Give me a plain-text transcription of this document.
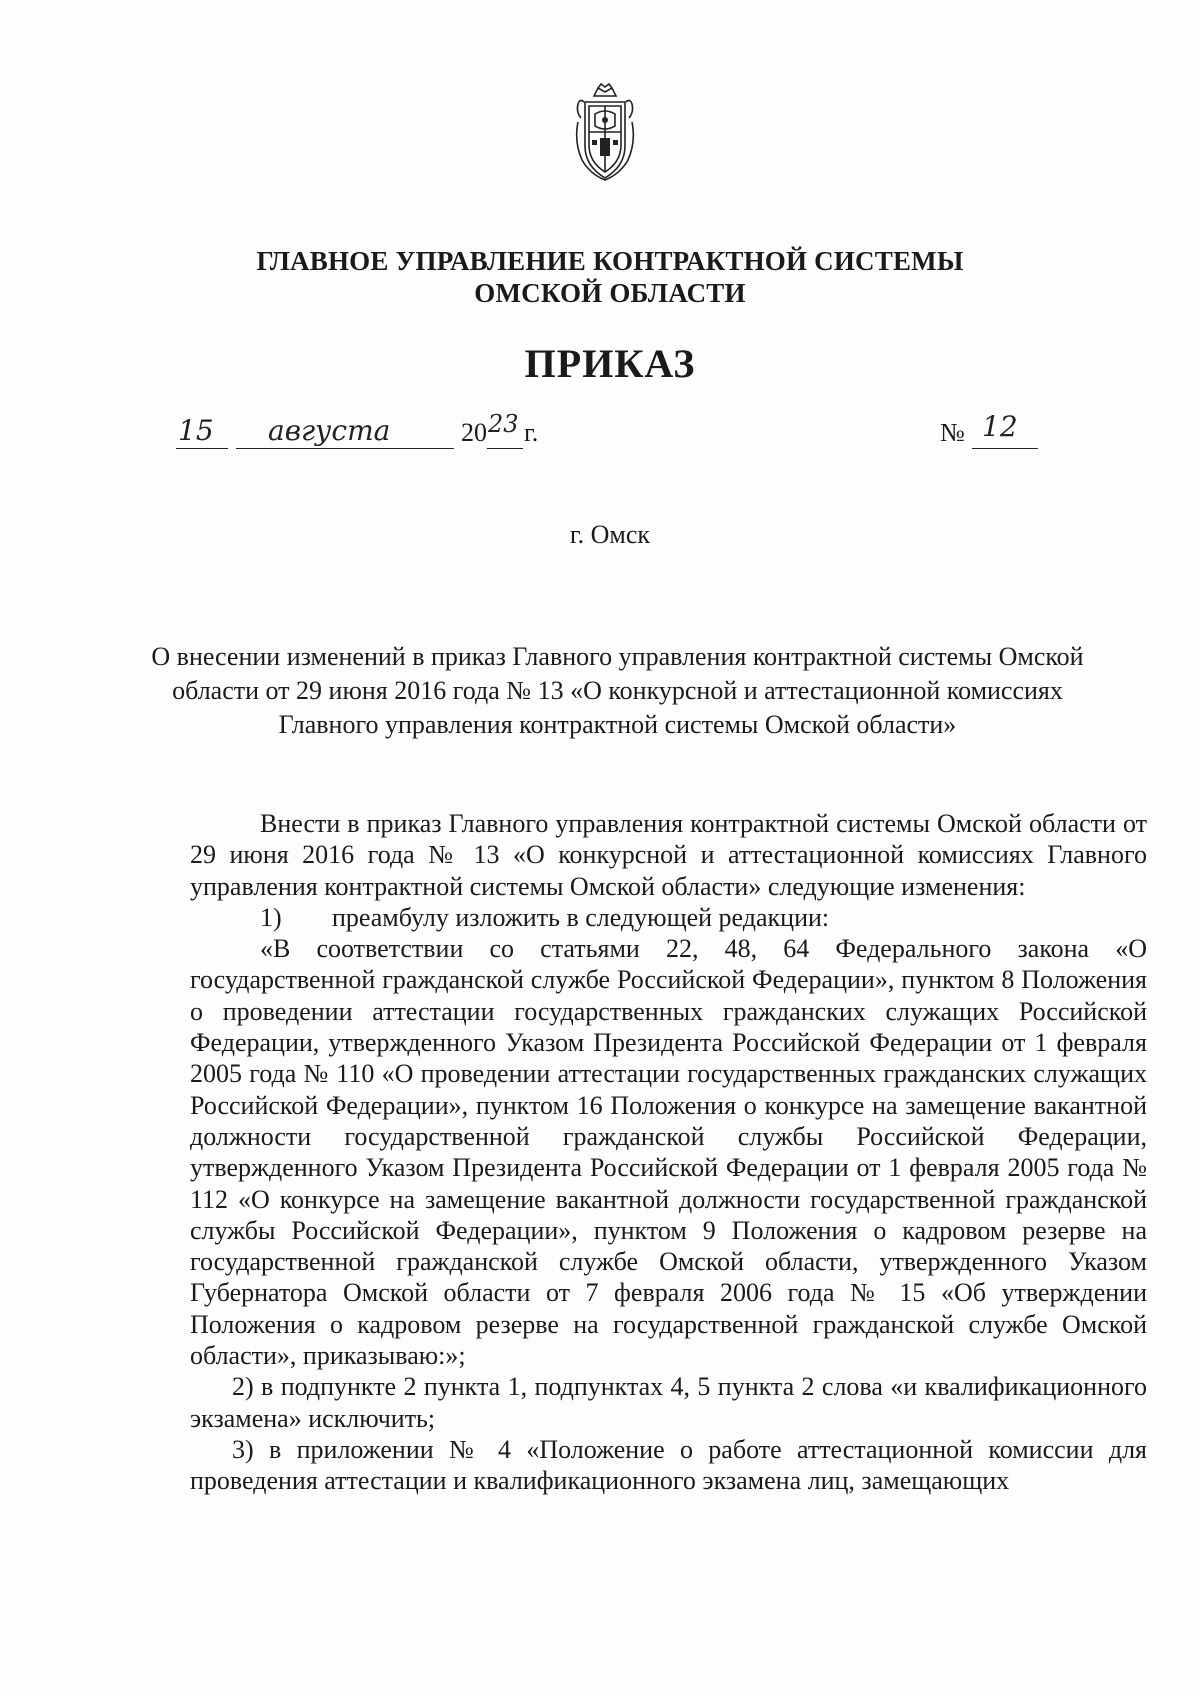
ГЛАВНОЕ УПРАВЛЕНИЕ КОНТРАКТНОЙ СИСТЕМЫ
ОМСКОЙ ОБЛАСТИ
ПРИКАЗ
15 августа	20 23 г.	№ 12
г. Омск
О внесении изменений в приказ Главного управления контрактной системы Омской области от 29 июня 2016 года № 13 «О конкурсной и аттестационной комиссиях Главного управления контрактной системы Омской области»

Внести в приказ Главного управления контрактной системы Омской области от 29 июня 2016 года № 13 «О конкурсной и аттестационной комиссиях Главного управления контрактной системы Омской области» следующие изменения:

1) преамбулу изложить в следующей редакции:

«В соответствии со статьями 22, 48, 64 Федерального закона «О государственной гражданской службе Российской Федерации», пунктом 8 Положения о проведении аттестации государственных гражданских служащих Российской Федерации, утвержденного Указом Президента Российской Федерации от 1 февраля 2005 года № 110 «О проведении аттестации государственных гражданских служащих Российской Федерации», пунктом 16 Положения о конкурсе на замещение вакантной должности государственной гражданской службы Российской Федерации, утвержденного Указом Президента Российской Федерации от 1 февраля 2005 года № 112 «О конкурсе на замещение вакантной должности государственной гражданской службы Российской Федерации», пунктом 9 Положения о кадровом резерве на государственной гражданской службе Омской области, утвержденного Указом Губернатора Омской области от 7 февраля 2006 года № 15 «Об утверждении Положения о кадровом резерве на государственной гражданской службе Омской области», приказываю:»;

2) в подпункте 2 пункта 1, подпунктах 4, 5 пункта 2 слова «и квалификационного экзамена» исключить;

3) в приложении № 4 «Положение о работе аттестационной комиссии для проведения аттестации и квалификационного экзамена лиц, замещающих
